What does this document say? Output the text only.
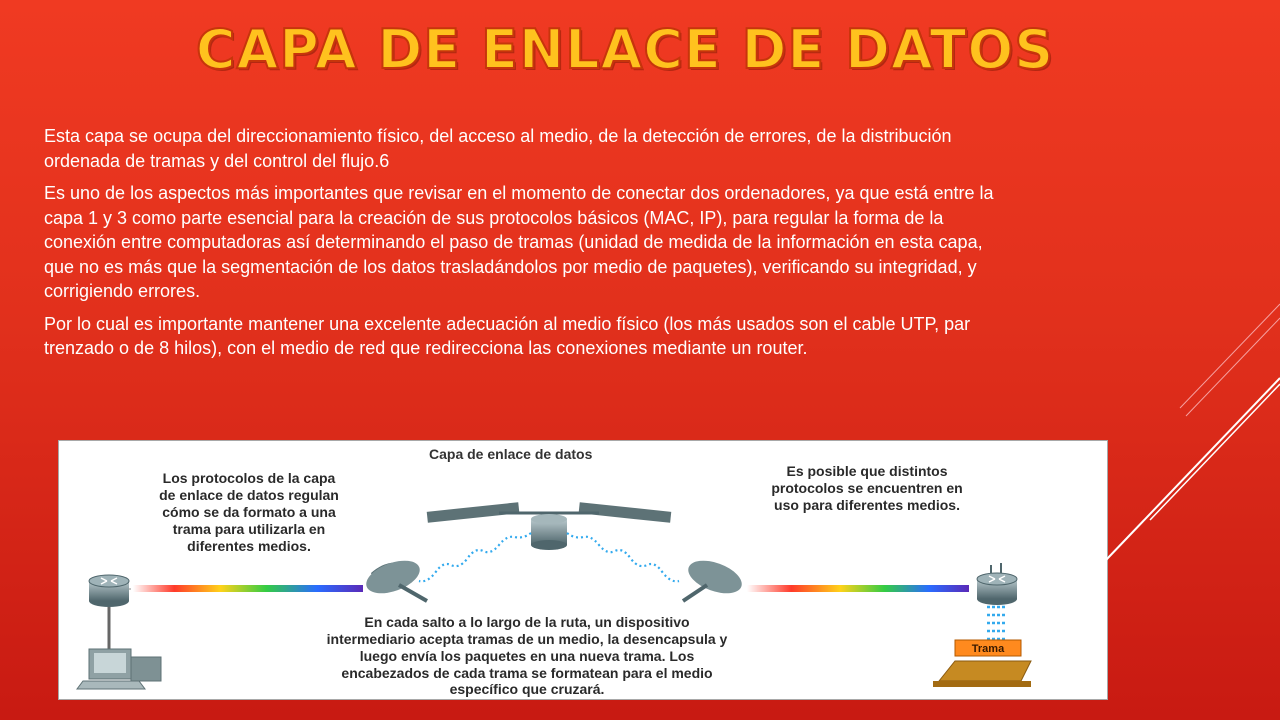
CAPA DE ENLACE DE DATOS

Esta capa se ocupa del direccionamiento físico, del acceso al medio, de la detección de errores, de la distribución ordenada de tramas y del control del flujo.6

Es uno de los aspectos más importantes que revisar en el momento de conectar dos ordenadores, ya que está entre la capa 1 y 3 como parte esencial para la creación de sus protocolos básicos (MAC, IP), para regular la forma de la conexión entre computadoras así determinando el paso de tramas (unidad de medida de la información en esta capa, que no es más que la segmentación de los datos trasladándolos por medio de paquetes), verificando su integridad, y corrigiendo errores.

Por lo cual es importante mantener una excelente adecuación al medio físico (los más usados son el cable UTP, par trenzado o de 8 hilos), con el medio de red que redirecciona las conexiones mediante un router.

Capa de enlace de datos
Los protocolos de la capa
de enlace de datos regulan
cómo se da formato a una
trama para utilizarla en
diferentes medios.
Es posible que distintos
protocolos se encuentren en
uso para diferentes medios.
En cada salto a lo largo de la ruta, un dispositivo
intermediario acepta tramas de un medio, la desencapsula y
luego envía los paquetes en una nueva trama. Los
encabezados de cada trama se formatean para el medio
específico que cruzará.
Trama
